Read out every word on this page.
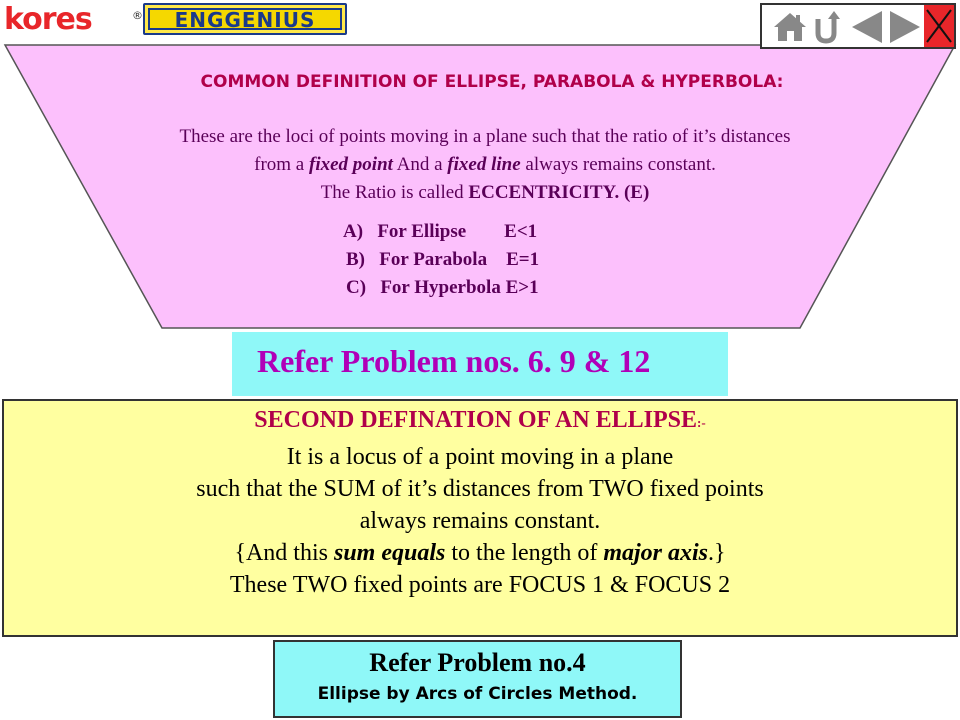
kores	®	ENGGENIUS
COMMON DEFINITION OF ELLIPSE, PARABOLA & HYPERBOLA:
These are the loci of points moving in a plane such that the ratio of it’s distances
from a fixed point And a fixed line always remains constant.
The Ratio is called ECCENTRICITY. (E)
A) For Ellipse E<1
B) For Parabola E=1
C) For Hyperbola E>1
Refer Problem nos. 6. 9 & 12
SECOND DEFINATION OF AN ELLIPSE:-
It is a locus of a point moving in a plane
such that the SUM of it’s distances from TWO fixed points
always remains constant.
{And this sum equals to the length of major axis.}
These TWO fixed points are FOCUS 1 & FOCUS 2
Refer Problem no.4
Ellipse by Arcs of Circles Method.
